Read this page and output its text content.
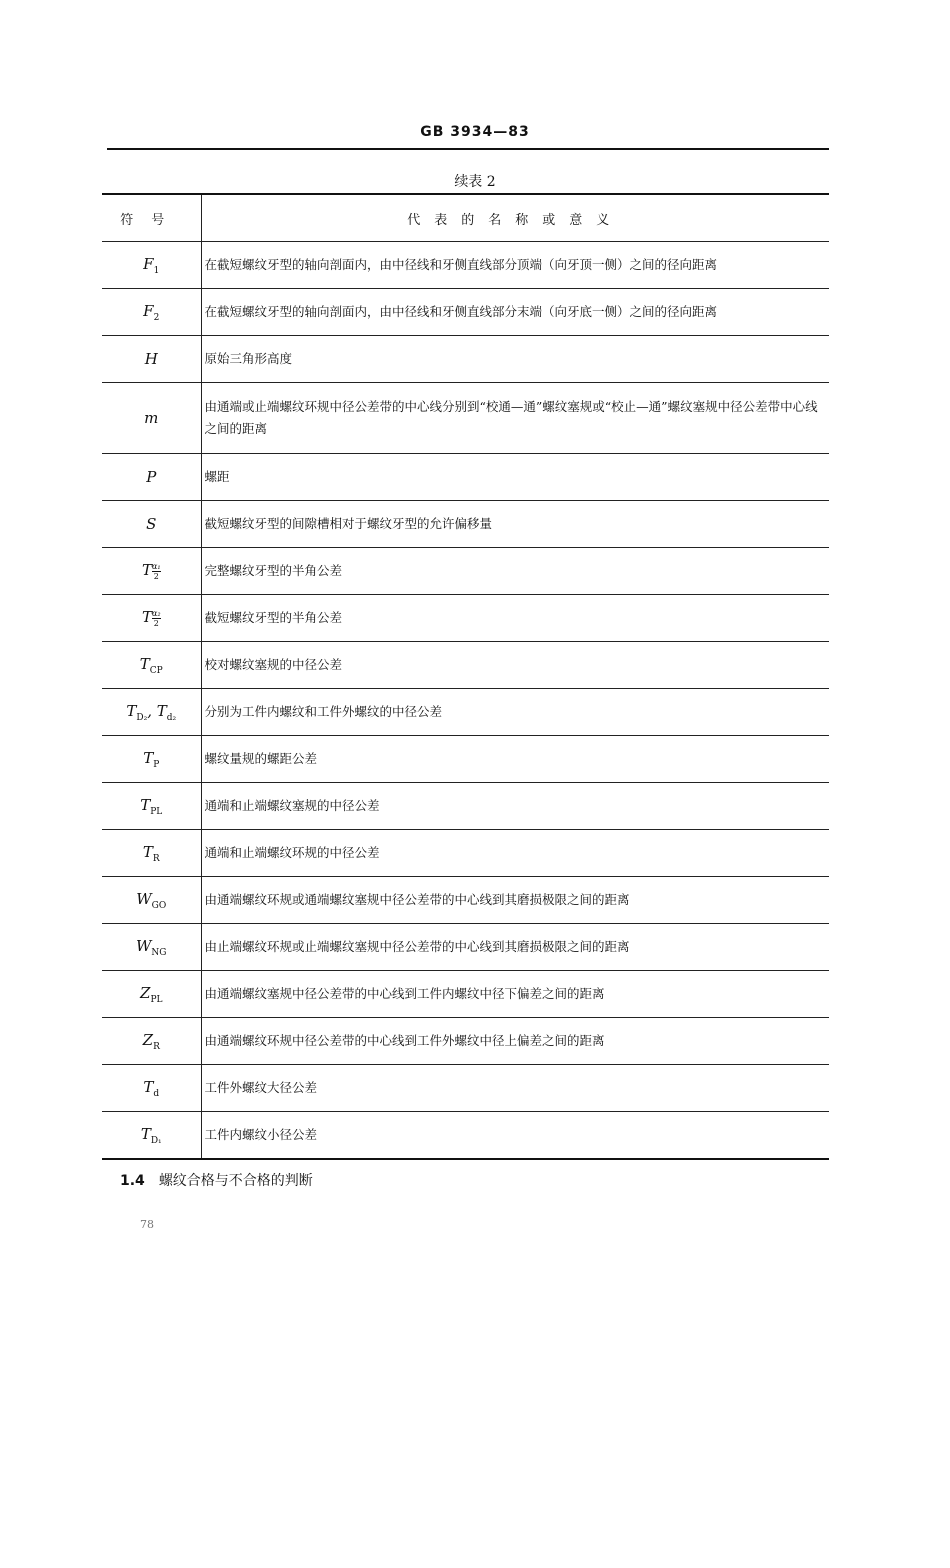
GB 3934—83
续表 2
符号	代表的名称或意义
$F_1$	在截短螺纹牙型的轴向剖面内，由中径线和牙侧直线部分顶端（向牙顶一侧）之间的径向距离
$F_2$	在截短螺纹牙型的轴向剖面内，由中径线和牙侧直线部分末端（向牙底一侧）之间的径向距离
H	原始三角形高度
m	由通端或止端螺纹环规中径公差带的中心线分别到“校通—通”螺纹塞规或“校止—通”螺纹塞规中径公差带中心线之间的距离
P	螺距
S	截短螺纹牙型的间隙槽相对于螺纹牙型的允许偏移量
T $\frac{\text{α₁}}{2}$	完整螺纹牙型的半角公差
T $\frac{\text{α₂}}{2}$	截短螺纹牙型的半角公差
$T_{CP}$	校对螺纹塞规的中径公差
$T_{D_2}$, $T_{d_2}$	分别为工件内螺纹和工件外螺纹的中径公差
$T_P$	螺纹量规的螺距公差
$T_{PL}$	通端和止端螺纹塞规的中径公差
$T_R$	通端和止端螺纹环规的中径公差
$W_{GO}$	由通端螺纹环规或通端螺纹塞规中径公差带的中心线到其磨损极限之间的距离
$W_{NG}$	由止端螺纹环规或止端螺纹塞规中径公差带的中心线到其磨损极限之间的距离
$Z_{PL}$	由通端螺纹塞规中径公差带的中心线到工件内螺纹中径下偏差之间的距离
$Z_R$	由通端螺纹环规中径公差带的中心线到工件外螺纹中径上偏差之间的距离
$T_d$	工件外螺纹大径公差
$T_{D_1}$	工件内螺纹小径公差
1.4 螺纹合格与不合格的判断
78
